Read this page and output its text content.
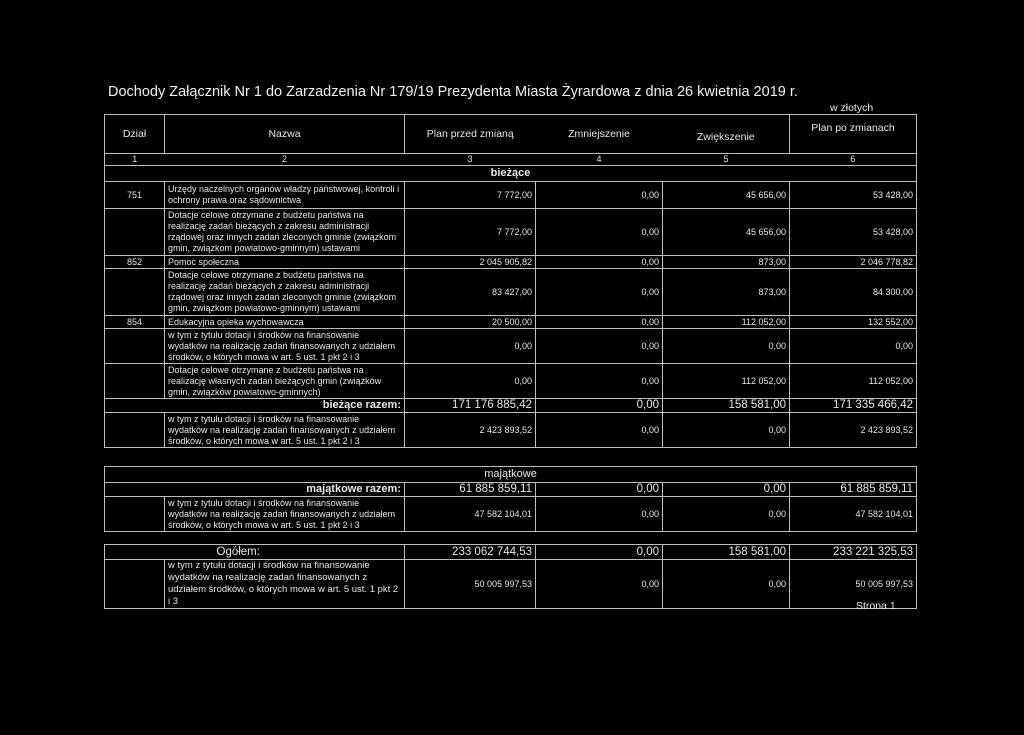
Dochody Załącznik Nr 1 do Zarzadzenia Nr 179/19 Prezydenta Miasta Żyrardowa z dnia 26 kwietnia 2019 r.
w złotych
Dział	Nazwa	Plan przed zmianą	Zmniejszenie	Zwiększenie	Plan po zmianach
1	2	3	4	5	6
bieżące					
751	Urzędy naczelnych organów władzy państwowej, kontroli i ochrony prawa oraz sądownictwa	7 772,00	0,00	45 656,00	53 428,00
	Dotacje celowe otrzymane z budżetu państwa na realizację zadań bieżących z zakresu administracji rządowej oraz innych zadań zleconych gminie (związkom gmin, związkom powiatowo-gminnym) ustawami	7 772,00	0,00	45 656,00	53 428,00
852	Pomoc społeczna	2 045 905,82	0,00	873,00	2 046 778,82
	Dotacje celowe otrzymane z budżetu państwa na realizację zadań bieżących z zakresu administracji rządowej oraz innych zadań zleconych gminie (związkom gmin, związkom powiatowo-gminnym) ustawami	83 427,00	0,00	873,00	84 300,00
854	Edukacyjna opieka wychowawcza	20 500,00	0,00	112 052,00	132 552,00
	w tym z tytułu dotacji i środków na finansowanie wydatków na realizację zadań finansowanych z udziałem środków, o których mowa w art. 5 ust. 1 pkt 2 i 3	0,00	0,00	0,00	0,00
	Dotacje celowe otrzymane z budżetu państwa na realizację własnych zadań bieżących gmin (związków gmin, związków powiatowo-gminnych)	0,00	0,00	112 052,00	112 052,00
bieżące razem:		171 176 885,42	0,00	158 581,00	171 335 466,42
	w tym z tytułu dotacji i środków na finansowanie wydatków na realizację zadań finansowanych z udziałem środków, o których mowa w art. 5 ust. 1 pkt 2 i 3	2 423 893,52	0,00	0,00	2 423 893,52
majątkowe					
majątkowe razem:		61 885 859,11	0,00	0,00	61 885 859,11
	w tym z tytułu dotacji i środków na finansowanie wydatków na realizację zadań finansowanych z udziałem środków, o których mowa w art. 5 ust. 1 pkt 2 i 3	47 582 104,01	0,00	0,00	47 582 104,01
	Ogółem:	233 062 744,53	0,00	158 581,00	233 221 325,53
	w tym z tytułu dotacji i środków na finansowanie wydatków na realizację zadań finansowanych z udziałem środków, o których mowa w art. 5 ust. 1 pkt 2 i 3	50 005 997,53	0,00	0,00	50 005 997,53
Strona 1
